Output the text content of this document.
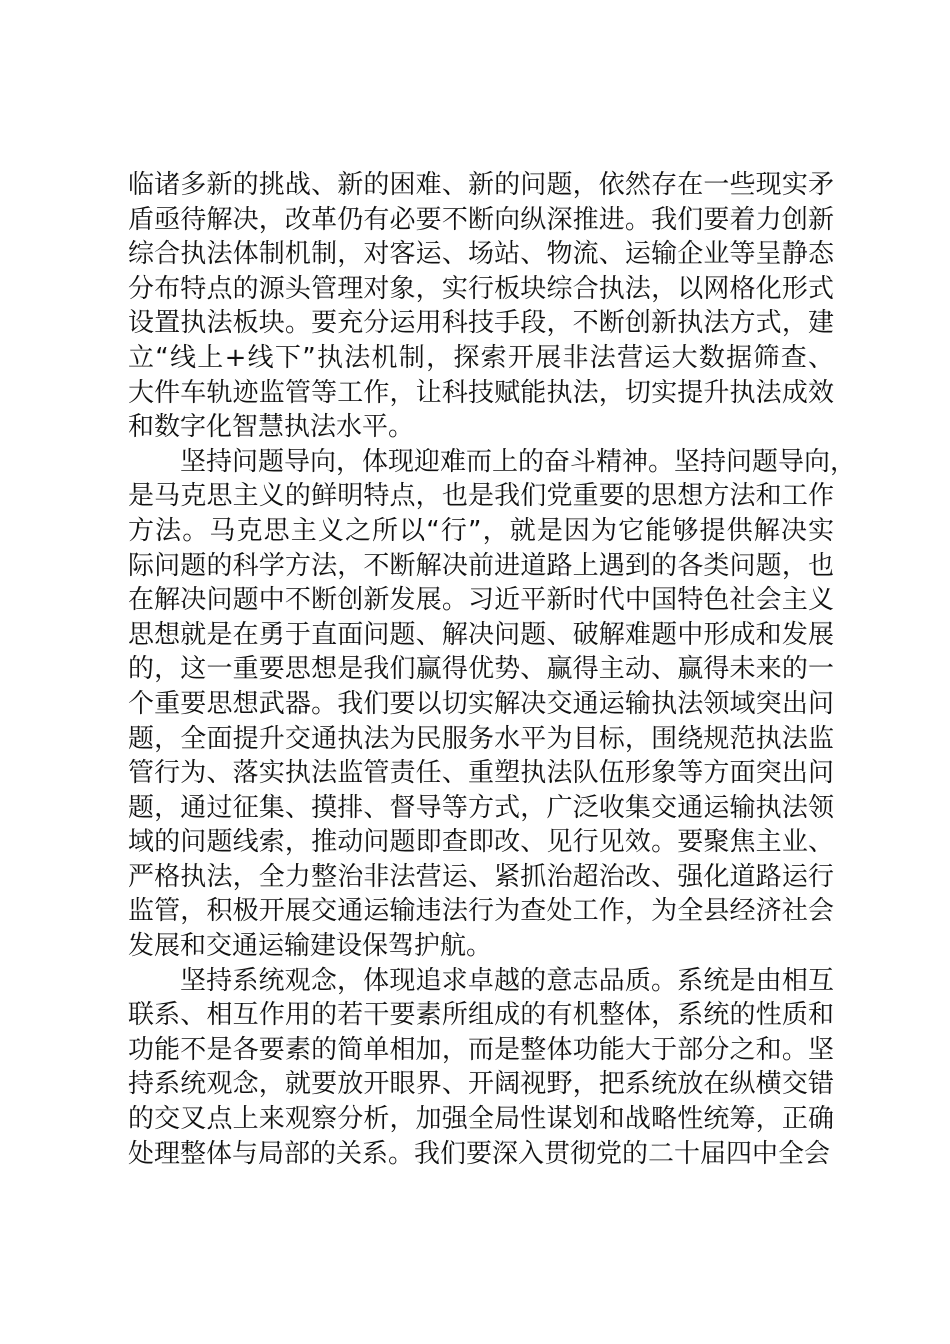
临诸多新的挑战、新的困难、新的问题，依然存在一些现实矛
盾亟待解决，改革仍有必要不断向纵深推进。我们要着力创新
综合执法体制机制，对客运、场站、物流、运输企业等呈静态
分布特点的源头管理对象，实行板块综合执法，以网格化形式
设置执法板块。要充分运用科技手段，不断创新执法方式，建
立“线上+线下”执法机制，探索开展非法营运大数据筛查、
大件车轨迹监管等工作，让科技赋能执法，切实提升执法成效
和数字化智慧执法水平。
坚持问题导向，体现迎难而上的奋斗精神。坚持问题导向，
是马克思主义的鲜明特点，也是我们党重要的思想方法和工作
方法。马克思主义之所以“行”，就是因为它能够提供解决实
际问题的科学方法，不断解决前进道路上遇到的各类问题，也
在解决问题中不断创新发展。习近平新时代中国特色社会主义
思想就是在勇于直面问题、解决问题、破解难题中形成和发展
的，这一重要思想是我们赢得优势、赢得主动、赢得未来的一
个重要思想武器。我们要以切实解决交通运输执法领域突出问
题，全面提升交通执法为民服务水平为目标，围绕规范执法监
管行为、落实执法监管责任、重塑执法队伍形象等方面突出问
题，通过征集、摸排、督导等方式，广泛收集交通运输执法领
域的问题线索，推动问题即查即改、见行见效。要聚焦主业、
严格执法，全力整治非法营运、紧抓治超治改、强化道路运行
监管，积极开展交通运输违法行为查处工作，为全县经济社会
发展和交通运输建设保驾护航。
坚持系统观念，体现追求卓越的意志品质。系统是由相互
联系、相互作用的若干要素所组成的有机整体，系统的性质和
功能不是各要素的简单相加，而是整体功能大于部分之和。坚
持系统观念，就要放开眼界、开阔视野，把系统放在纵横交错
的交叉点上来观察分析，加强全局性谋划和战略性统筹，正确
处理整体与局部的关系。我们要深入贯彻党的二十届四中全会
